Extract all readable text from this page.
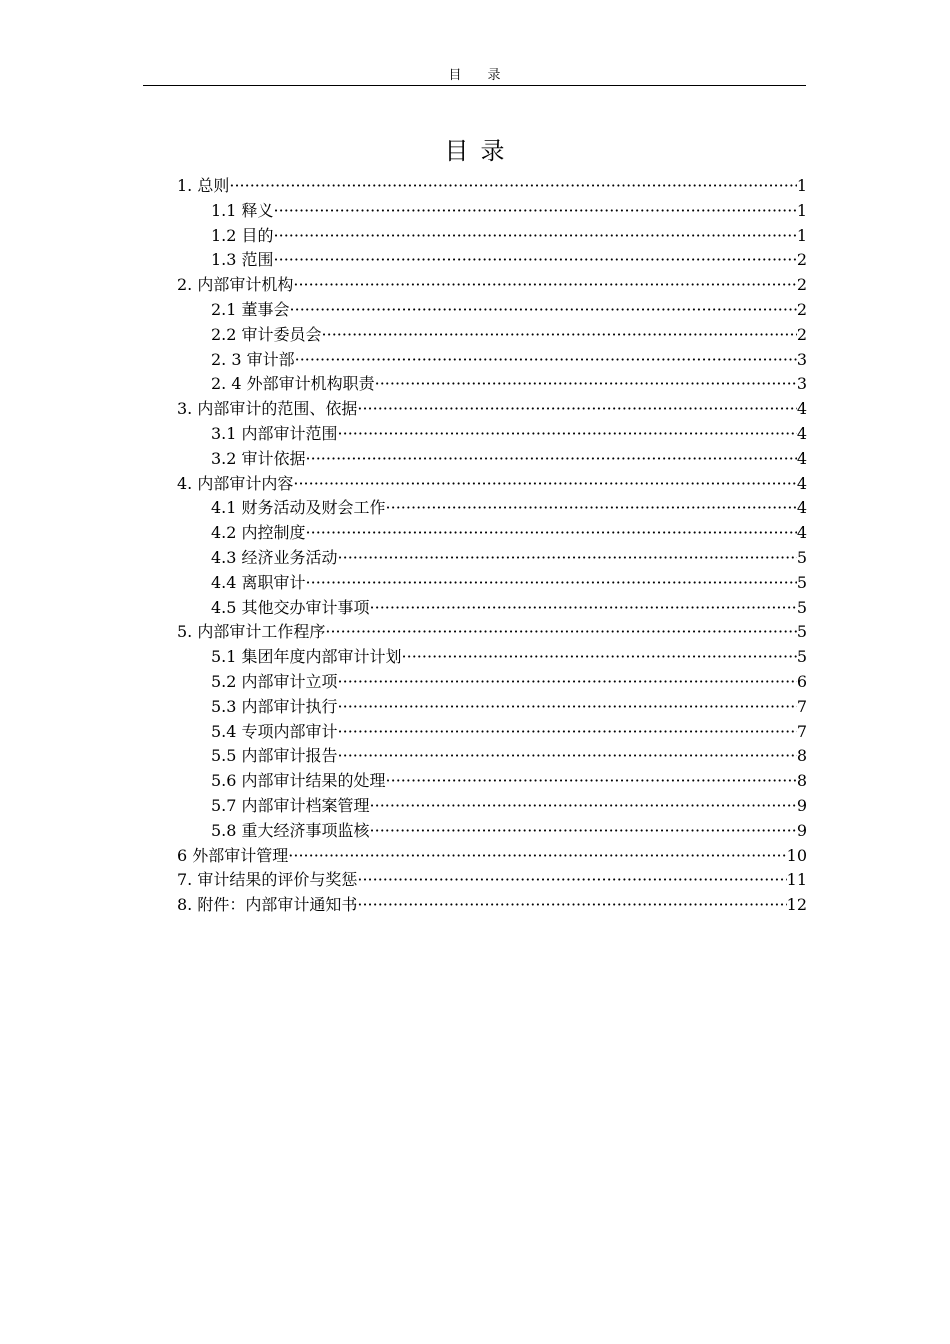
目录
目录
1. 总则 ·····	1
1.1 释义 ·····	1
1.2 目的 ·····	1
1.3 范围 ·····	2
2. 内部审计机构 ·····	2
2.1 董事会 ·····	2
2.2 审计委员会 ·····	2
2. 3 审计部 ·····	3
2. 4 外部审计机构职责 ·····	3
3. 内部审计的范围、依据 ·····	4
3.1 内部审计范围 ·····	4
3.2 审计依据 ·····	4
4. 内部审计内容 ·····	4
4.1 财务活动及财会工作 ·····	4
4.2 内控制度 ·····	4
4.3 经济业务活动 ·····	5
4.4 离职审计 ·····	5
4.5 其他交办审计事项 ·····	5
5. 内部审计工作程序 ·····	5
5.1 集团年度内部审计计划 ·····	5
5.2 内部审计立项 ·····	6
5.3 内部审计执行 ·····	7
5.4 专项内部审计 ·····	7
5.5 内部审计报告 ·····	8
5.6 内部审计结果的处理 ·····	8
5.7 内部审计档案管理 ·····	9
5.8 重大经济事项监核 ·····	9
6 外部审计管理 ·····	10
7. 审计结果的评价与奖惩 ·····	11
8. 附件：内部审计通知书 ·····	12
